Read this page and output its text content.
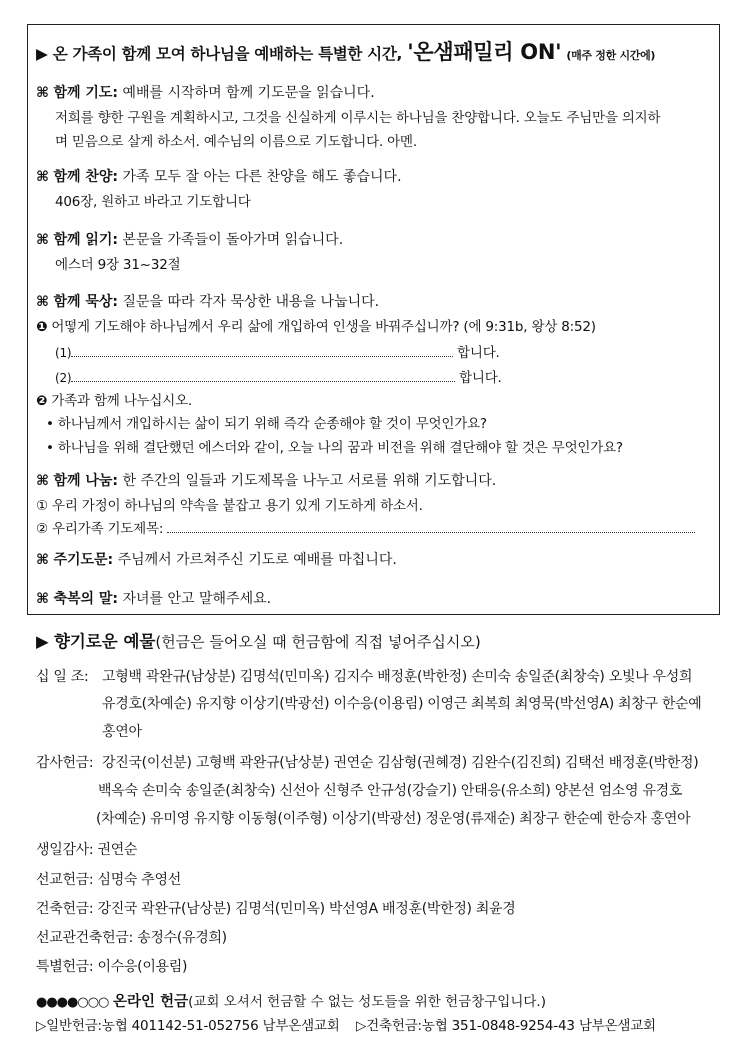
▶ 온 가족이 함께 모여 하나님을 예배하는 특별한 시간, '온샘패밀리 ON' (매주 정한 시간에)
⌘ 함께 기도: 예배를 시작하며 함께 기도문을 읽습니다.
저희를 향한 구원을 계획하시고, 그것을 신실하게 이루시는 하나님을 찬양합니다. 오늘도 주님만을 의지하
며 믿음으로 살게 하소서. 예수님의 이름으로 기도합니다. 아멘.
⌘ 함께 찬양: 가족 모두 잘 아는 다른 찬양을 해도 좋습니다.
406장, 원하고 바라고 기도합니다
⌘ 함께 읽기: 본문을 가족들이 돌아가며 읽습니다.
에스더 9장 31~32절
⌘ 함께 묵상: 질문을 따라 각자 묵상한 내용을 나눕니다.
❶ 어떻게 기도해야 하나님께서 우리 삶에 개입하여 인생을 바꿔주십니까? (에 9:31b, 왕상 8:52)
(1)	합니다.
(2)	합니다.
❷ 가족과 함께 나누십시오.
• 하나님께서 개입하시는 삶이 되기 위해 즉각 순종해야 할 것이 무엇인가요?
• 하나님을 위해 결단했던 에스더와 같이, 오늘 나의 꿈과 비전을 위해 결단해야 할 것은 무엇인가요?
⌘ 함께 나눔: 한 주간의 일들과 기도제목을 나누고 서로를 위해 기도합니다.
① 우리 가정이 하나님의 약속을 붙잡고 용기 있게 기도하게 하소서.
② 우리가족 기도제목:
⌘ 주기도문: 주님께서 가르쳐주신 기도로 예배를 마칩니다.
⌘ 축복의 말: 자녀를 안고 말해주세요.
▶ 향기로운 예물(헌금은 들어오실 때 헌금함에 직접 넣어주십시오)
십 일 조: 고형백 곽완규(남상분) 김명석(민미옥) 김지수 배정훈(박한정) 손미숙 송일준(최창숙) 오빛나 우성희
유경호(차예순) 유지향 이상기(박광선) 이수응(이용림) 이영근 최복희 최영묵(박선영A) 최창구 한순예
홍연아
감사헌금: 강진국(이선분) 고형백 곽완규(남상분) 권연순 김삼형(권혜경) 김완수(김진희) 김택선 배정훈(박한정)
백옥숙 손미숙 송일준(최창숙) 신선아 신형주 안규성(강슬기) 안태응(유소희) 양본선 엄소영 유경호
(차예순) 유미영 유지향 이동형(이주형) 이상기(박광선) 정운영(류재순) 최장구 한순예 한승자 홍연아
생일감사: 권연순
선교헌금: 심명숙 추영선
건축헌금: 강진국 곽완규(남상분) 김명석(민미옥) 박선영A 배정훈(박한정) 최윤경
선교관건축헌금: 송정수(유경희)
특별헌금: 이수응(이용림)
●●●●○○○ 온라인 헌금(교회 오셔서 헌금할 수 없는 성도들을 위한 헌금창구입니다.)
▷일반헌금:농협 401142-51-052756 남부온샘교회 ▷건축헌금:농협 351-0848-9254-43 남부온샘교회
